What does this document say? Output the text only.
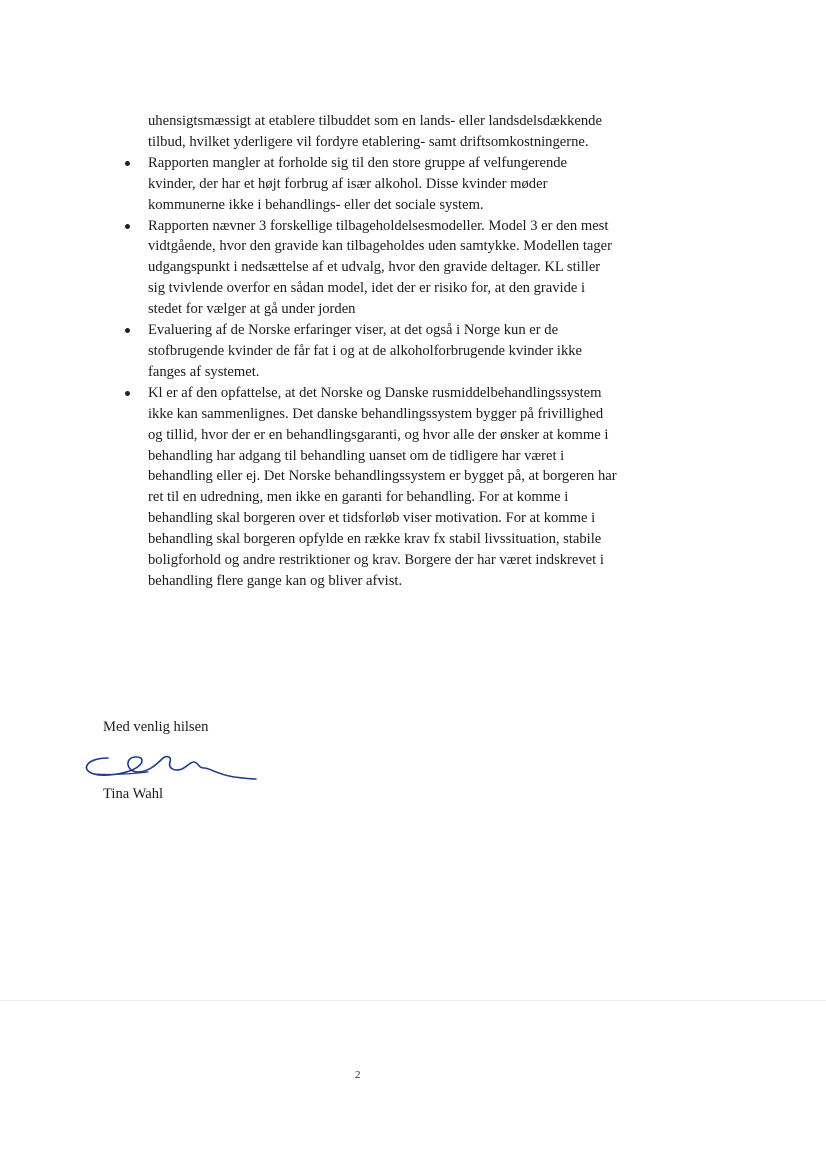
uhensigtsmæssigt at etablere tilbuddet som en lands- eller landsdelsdækkende tilbud, hvilket yderligere vil fordyre etablering- samt driftsomkostningerne.

Rapporten mangler at forholde sig til den store gruppe af velfungerende kvinder, der har et højt forbrug af især alkohol. Disse kvinder møder kommunerne ikke i behandlings- eller det sociale system.
Rapporten nævner 3 forskellige tilbageholdelsesmodeller. Model 3 er den mest vidtgående, hvor den gravide kan tilbageholdes uden samtykke. Modellen tager udgangspunkt i nedsættelse af et udvalg, hvor den gravide deltager. KL stiller sig tvivlende overfor en sådan model, idet der er risiko for, at den gravide i stedet for vælger at gå under jorden
Evaluering af de Norske erfaringer viser, at det også i Norge kun er de stofbrugende kvinder de får fat i og at de alkoholforbrugende kvinder ikke fanges af systemet.
Kl er af den opfattelse, at det Norske og Danske rusmiddelbehandlingssystem ikke kan sammenlignes. Det danske behandlingssystem bygger på frivillighed og tillid, hvor der er en behandlingsgaranti, og hvor alle der ønsker at komme i behandling har adgang til behandling uanset om de tidligere har været i behandling eller ej. Det Norske behandlingssystem er bygget på, at borgeren har ret til en udredning, men ikke en garanti for behandling. For at komme i behandling skal borgeren over et tidsforløb viser motivation. For at komme i behandling skal borgeren opfylde en række krav fx stabil livssituation, stabile boligforhold og andre restriktioner og krav. Borgere der har været indskrevet i behandling flere gange kan og bliver afvist.
Med venlig hilsen
Tina Wahl
2
